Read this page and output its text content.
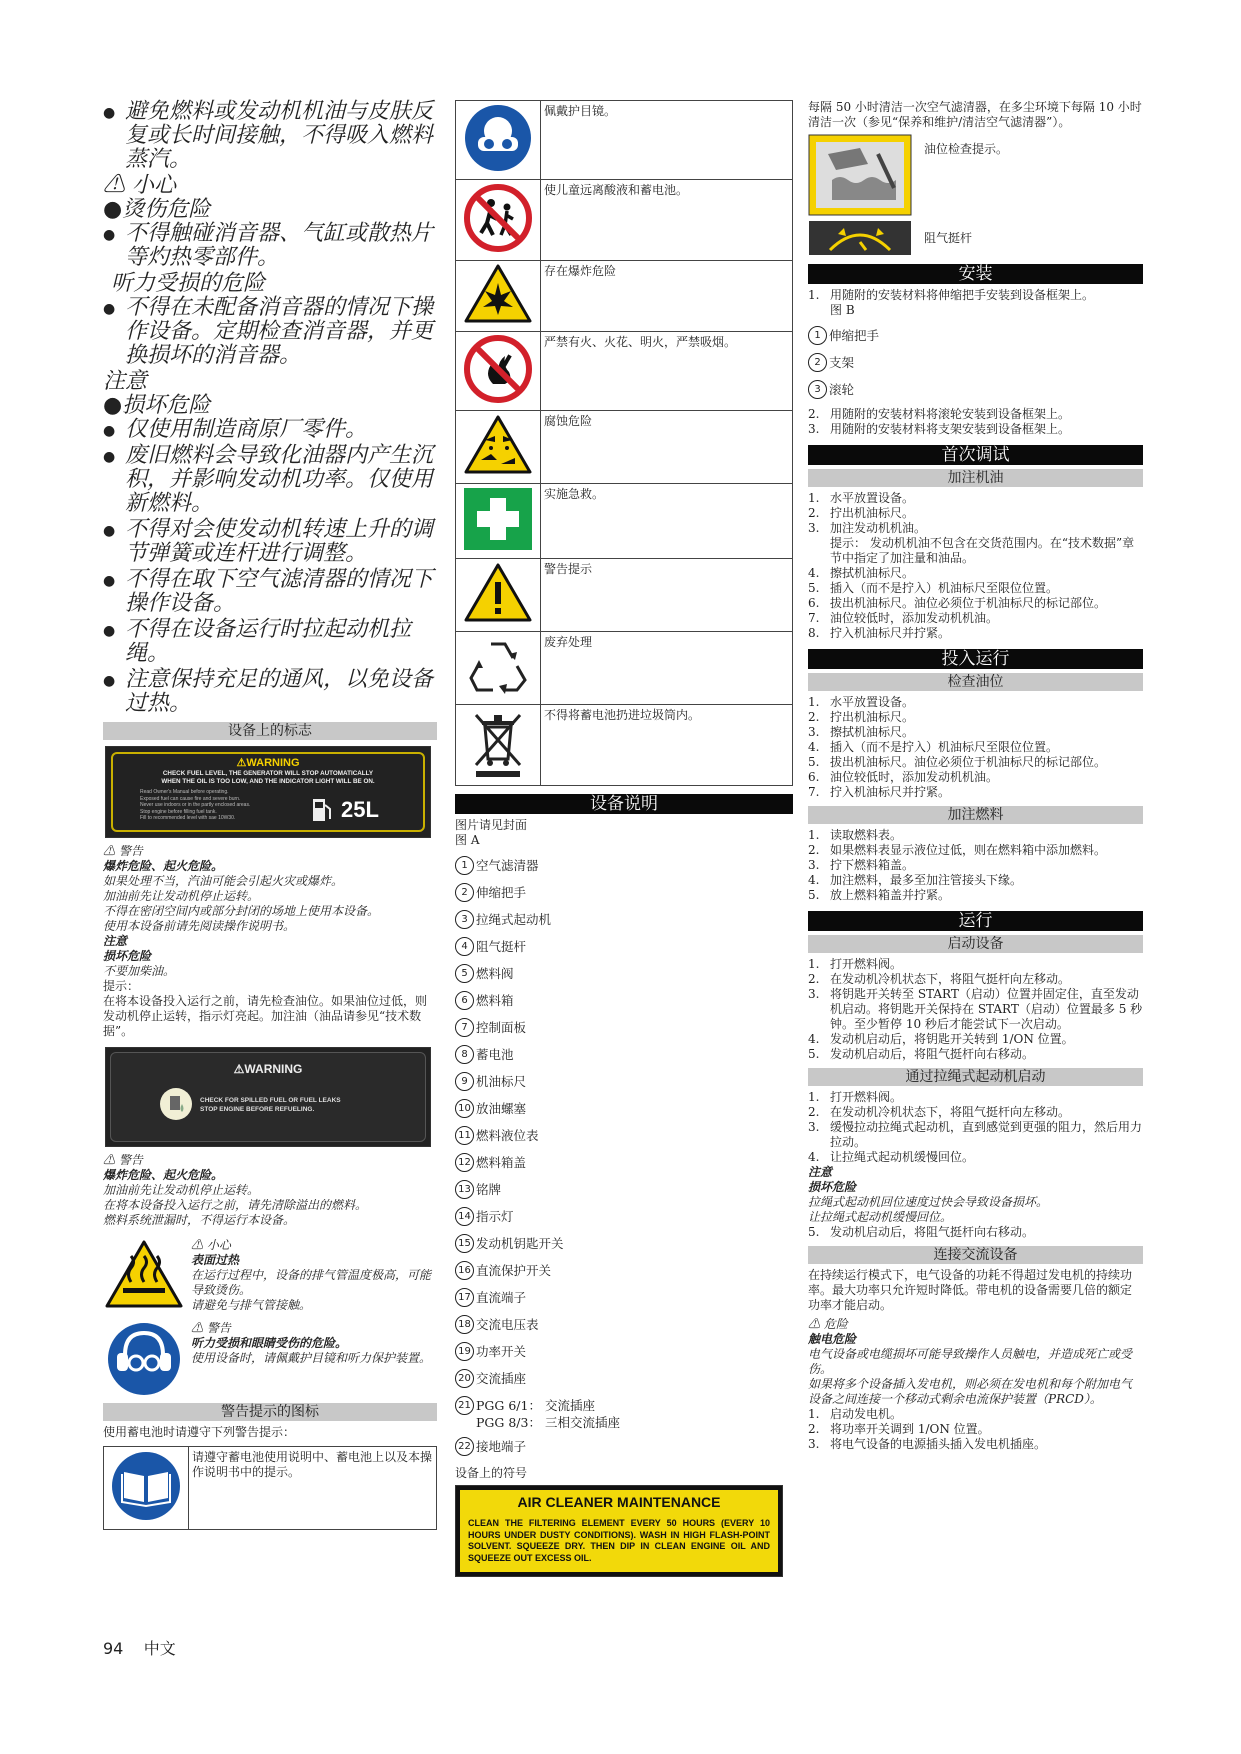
● 避免燃料或发动机机油与皮肤反复或长时间接触，不得吸入燃料蒸汽。

⚠ 小心

●烫伤危险

● 不得触碰消音器、气缸或散热片等灼热零部件。

听力受损的危险

● 不得在未配备消音器的情况下操作设备。定期检查消音器，并更换损坏的消音器。

注意

●损坏危险

● 仅使用制造商原厂零件。

● 废旧燃料会导致化油器内产生沉积，并影响发动机功率。仅使用新燃料。

● 不得对会使发动机转速上升的调节弹簧或连杆进行调整。

● 不得在取下空气滤清器的情况下操作设备。

● 不得在设备运行时拉起动机拉绳。

● 注意保持充足的通风，以免设备过热。

设备上的标志
⚠WARNING
CHECK FUEL LEVEL, THE GENERATOR WILL STOP AUTOMATICALLY
WHEN THE OIL IS TOO LOW, AND THE INDICATOR LIGHT WILL BE ON.
Read Owner's Manual before operating.
Exposed fuel can cause fire and severe burn.
Never use indoors or in the partly enclosed areas.
Stop engine before filling fuel tank.
Fill to recommended level with sae 10W30.	25L

⚠ 警告

爆炸危险、起火危险。

如果处理不当，汽油可能会引起火灾或爆炸。

加油前先让发动机停止运转。

不得在密闭空间内或部分封闭的场地上使用本设备。

使用本设备前请先阅读操作说明书。

注意

损坏危险

不要加柴油。

提示：

在将本设备投入运行之前，请先检查油位。如果油位过低，则发动机停止运转，指示灯亮起。加注油（油品请参见“技术数据”。

⚠WARNING
CHECK FOR SPILLED FUEL OR FUEL LEAKS
STOP ENGINE BEFORE REFUELING.

⚠ 警告

爆炸危险、起火危险。

加油前先让发动机停止运转。

在将本设备投入运行之前，请先清除溢出的燃料。

燃料系统泄漏时，不得运行本设备。

⚠ 小心

表面过热

在运行过程中，设备的排气管温度极高，可能导致烫伤。

请避免与排气管接触。

⚠ 警告

听力受损和眼睛受伤的危险。

使用设备时，请佩戴护目镜和听力保护装置。

警告提示的图标

使用蓄电池时请遵守下列警告提示：

	请遵守蓄电池使用说明中、蓄电池上以及本操作说明书中的提示。
	佩戴护目镜。
	使儿童远离酸液和蓄电池。
	存在爆炸危险
	严禁有火、火花、明火，严禁吸烟。
	腐蚀危险
	实施急救。
	警告提示
	废弃处理
	不得将蓄电池扔进垃圾筒内。
设备说明

图片请见封面

图 A

1 空气滤清器
2 伸缩把手
3 拉绳式起动机
4 阻气挺杆
5 燃料阀
6 燃料箱
7 控制面板
8 蓄电池
9 机油标尺
10 放油螺塞
11 燃料液位表
12 燃料箱盖
13 铭牌
14 指示灯
15 发动机钥匙开关
16 直流保护开关
17 直流端子
18 交流电压表
19 功率开关
20 交流插座
21 PGG 6/1： 交流插座
PGG 8/3： 三相交流插座
22 接地端子

设备上的符号

AIR CLEANER MAINTENANCE
CLEAN THE FILTERING ELEMENT EVERY 50 HOURS (EVERY 10 HOURS UNDER DUSTY CONDITIONS). WASH IN HIGH FLASH-POINT SOLVENT. SQUEEZE DRY. THEN DIP IN CLEAN ENGINE OIL AND SQUEEZE OUT EXCESS OIL.

每隔 50 小时清洁一次空气滤清器，在多尘环境下每隔 10 小时清洁一次（参见“保养和维护/清洁空气滤清器”）。

油位检查提示。

阻气挺杆

安装
1. 用随附的安装材料将伸缩把手安装到设备框架上。
图 B
1 伸缩把手
2 支架
3 滚轮
2. 用随附的安装材料将滚轮安装到设备框架上。
3. 用随附的安装材料将支架安装到设备框架上。
首次调试
加注机油
1. 水平放置设备。
2. 拧出机油标尺。
3. 加注发动机机油。
提示： 发动机机油不包含在交货范围内。在“技术数据”章节中指定了加注量和油品。
4. 擦拭机油标尺。
5. 插入（而不是拧入）机油标尺至限位位置。
6. 拔出机油标尺。油位必须位于机油标尺的标记部位。
7. 油位较低时，添加发动机机油。
8. 拧入机油标尺并拧紧。
投入运行
检查油位
1. 水平放置设备。
2. 拧出机油标尺。
3. 擦拭机油标尺。
4. 插入（而不是拧入）机油标尺至限位位置。
5. 拔出机油标尺。油位必须位于机油标尺的标记部位。
6. 油位较低时，添加发动机机油。
7. 拧入机油标尺并拧紧。
加注燃料
1. 读取燃料表。
2. 如果燃料表显示液位过低，则在燃料箱中添加燃料。
3. 拧下燃料箱盖。
4. 加注燃料，最多至加注管接头下缘。
5. 放上燃料箱盖并拧紧。
运行
启动设备
1. 打开燃料阀。
2. 在发动机冷机状态下，将阻气挺杆向左移动。
3. 将钥匙开关转至 START（启动）位置并固定住，直至发动机启动。将钥匙开关保持在 START（启动）位置最多 5 秒钟。至少暂停 10 秒后才能尝试下一次启动。
4. 发动机启动后，将钥匙开关转到 1/ON 位置。
5. 发动机启动后，将阻气挺杆向右移动。
通过拉绳式起动机启动
1. 打开燃料阀。
2. 在发动机冷机状态下，将阻气挺杆向左移动。
3. 缓慢拉动拉绳式起动机，直到感觉到更强的阻力，然后用力拉动。
4. 让拉绳式起动机缓慢回位。

注意

损坏危险

拉绳式起动机回位速度过快会导致设备损坏。

让拉绳式起动机缓慢回位。

5. 发动机启动后，将阻气挺杆向右移动。
连接交流设备

在持续运行模式下，电气设备的功耗不得超过发电机的持续功率。最大功率只允许短时降低。带电机的设备需要几倍的额定功率才能启动。

⚠ 危险

触电危险

电气设备或电缆损坏可能导致操作人员触电，并造成死亡或受伤。

如果将多个设备插入发电机，则必须在发电机和每个附加电气设备之间连接一个移动式剩余电流保护装置（PRCD）。

1. 启动发电机。
2. 将功率开关调到 1/ON 位置。
3. 将电气设备的电源插头插入发电机插座。
94 中文
